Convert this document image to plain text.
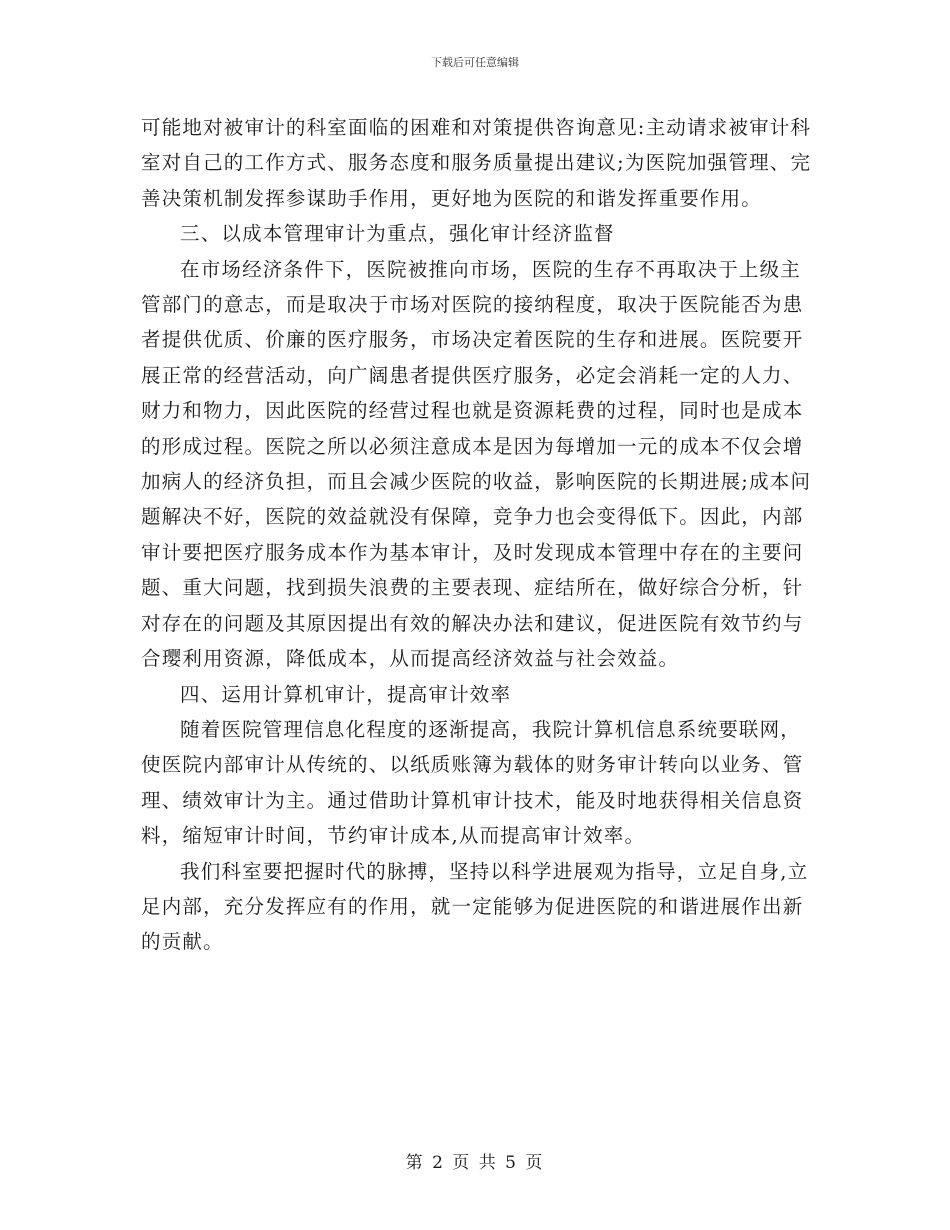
下载后可任意编辑

可能地对被审计的科室面临的困难和对策提供咨询意见:主动请求被审计科室对自己的工作方式、服务态度和服务质量提出建议;为医院加强管理、完善决策机制发挥参谋助手作用，更好地为医院的和谐发挥重要作用。

三、以成本管理审计为重点，强化审计经济监督

在市场经济条件下，医院被推向市场，医院的生存不再取决于上级主管部门的意志，而是取决于市场对医院的接纳程度，取决于医院能否为患者提供优质、价廉的医疗服务，市场决定着医院的生存和进展。医院要开展正常的经营活动，向广阔患者提供医疗服务，必定会消耗一定的人力、财力和物力，因此医院的经营过程也就是资源耗费的过程，同时也是成本的形成过程。医院之所以必须注意成本是因为每增加一元的成本不仅会增加病人的经济负担，而且会减少医院的收益，影响医院的长期进展;成本问题解决不好，医院的效益就没有保障，竞争力也会变得低下。因此，内部审计要把医疗服务成本作为基本审计，及时发现成本管理中存在的主要问题、重大问题，找到损失浪费的主要表现、症结所在，做好综合分析，针对存在的问题及其原因提出有效的解决办法和建议，促进医院有效节约与合璎利用资源，降低成本，从而提高经济效益与社会效益。

四、运用计算机审计，提高审计效率

随着医院管理信息化程度的逐渐提高，我院计算机信息系统要联网，使医院内部审计从传统的、以纸质账簿为载体的财务审计转向以业务、管理、绩效审计为主。通过借助计算机审计技术，能及时地获得相关信息资料，缩短审计时间，节约审计成本,从而提高审计效率。

我们科室要把握时代的脉搏，坚持以科学进展观为指导，立足自身,立足内部，充分发挥应有的作用，就一定能够为促进医院的和谐进展作出新的贡献。

第 2 页 共 5 页
